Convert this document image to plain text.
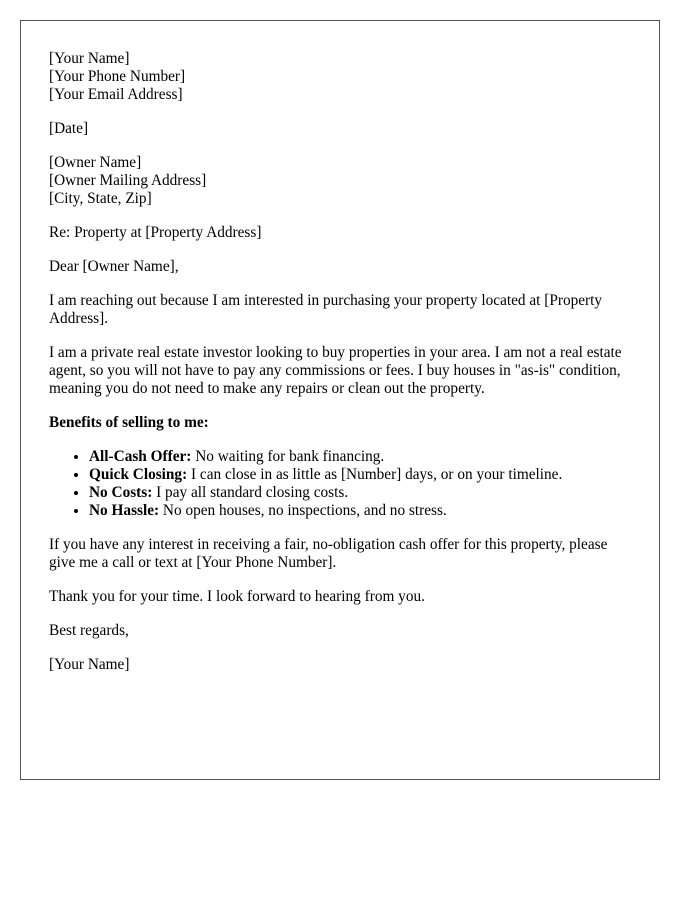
[Your Name]
[Your Phone Number]
[Your Email Address]
[Date]
[Owner Name]
[Owner Mailing Address]
[City, State, Zip]

Re: Property at [Property Address]

Dear [Owner Name],

I am reaching out because I am interested in purchasing your property located at [Property Address].

I am a private real estate investor looking to buy properties in your area. I am not a real estate agent, so you will not have to pay any commissions or fees. I buy houses in "as-is" condition, meaning you do not need to make any repairs or clean out the property.

Benefits of selling to me:

• All-Cash Offer: No waiting for bank financing.
• Quick Closing: I can close in as little as [Number] days, or on your timeline.
• No Costs: I pay all standard closing costs.
• No Hassle: No open houses, no inspections, and no stress.

If you have any interest in receiving a fair, no-obligation cash offer for this property, please give me a call or text at [Your Phone Number].

Thank you for your time. I look forward to hearing from you.

Best regards,

[Your Name]
